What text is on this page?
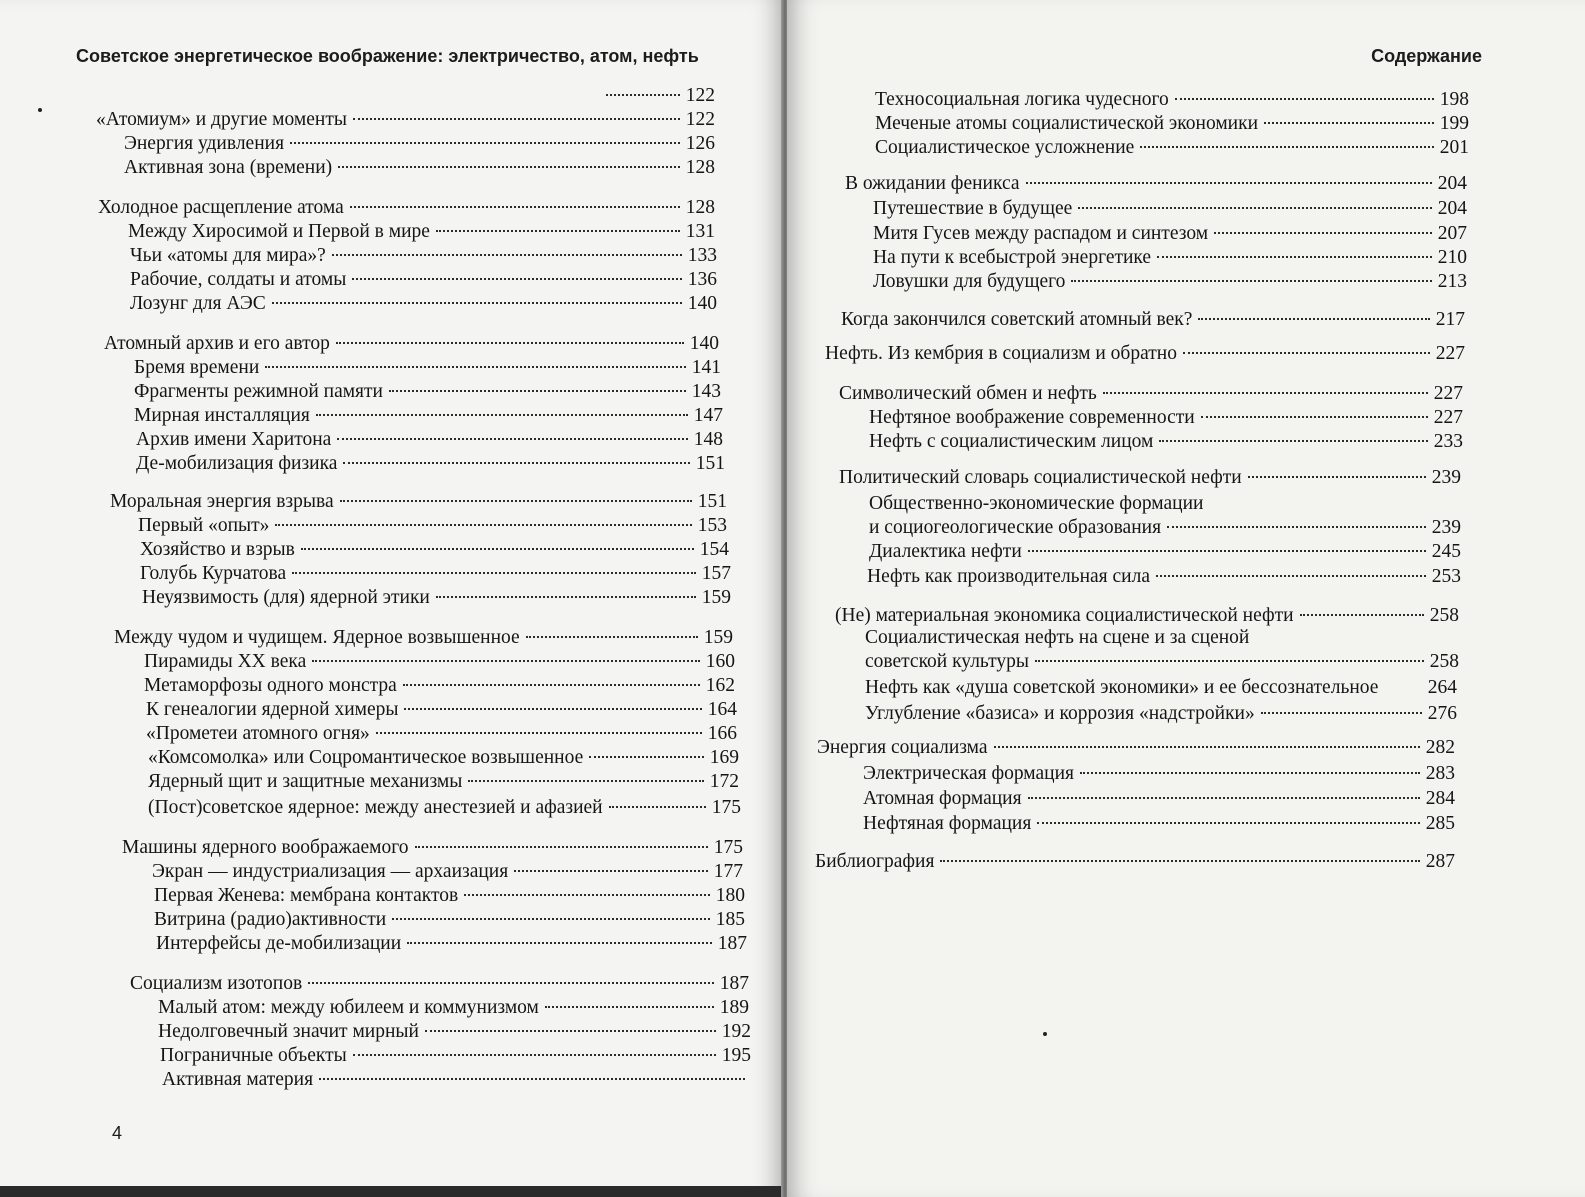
Советское энергетическое воображение: электричество, атом, нефть
122
«Атомиум» и другие моменты	122
Энергия удивления	126
Активная зона (времени)	128
Холодное расщепление атома	128
Между Хиросимой и Первой в мире	131
Чьи «атомы для мира»?	133
Рабочие, солдаты и атомы	136
Лозунг для АЭС	140
Атомный архив и его автор	140
Бремя времени	141
Фрагменты режимной памяти	143
Мирная инсталляция	147
Архив имени Харитона	148
Де-мобилизация физика	151
Моральная энергия взрыва	151
Первый «опыт»	153
Хозяйство и взрыв	154
Голубь Курчатова	157
Неуязвимость (для) ядерной этики	159
Между чудом и чудищем. Ядерное возвышенное	159
Пирамиды XX века	160
Метаморфозы одного монстра	162
К генеалогии ядерной химеры	164
«Прометеи атомного огня»	166
«Комсомолка» или Соцромантическое возвышенное	169
Ядерный щит и защитные механизмы	172
(Пост)советское ядерное: между анестезией и афазией	175
Машины ядерного воображаемого	175
Экран — индустриализация — архаизация	177
Первая Женева: мембрана контактов	180
Витрина (радио)активности	185
Интерфейсы де-мобилизации	187
Социализм изотопов	187
Малый атом: между юбилеем и коммунизмом	189
Недолговечный значит мирный	192
Пограничные объекты	195
Активная материя
4
Содержание
Техносоциальная логика чудесного	198
Меченые атомы социалистической экономики	199
Социалистическое усложнение	201
В ожидании феникса	204
Путешествие в будущее	204
Митя Гусев между распадом и синтезом	207
На пути к всебыстрой энергетике	210
Ловушки для будущего	213
Когда закончился советский атомный век?	217
Нефть. Из кембрия в социализм и обратно	227
Символический обмен и нефть	227
Нефтяное воображение современности	227
Нефть с социалистическим лицом	233
Политический словарь социалистической нефти	239
Общественно-экономические формации
и социогеологические образования	239
Диалектика нефти	245
Нефть как производительная сила	253
(Не) материальная экономика социалистической нефти	258
Социалистическая нефть на сцене и за сценой
советской культуры	258
Нефть как «душа советской экономики» и ее бессознательное	264
Углубление «базиса» и коррозия «надстройки»	276
Энергия социализма	282
Электрическая формация	283
Атомная формация	284
Нефтяная формация	285
Библиография	287
